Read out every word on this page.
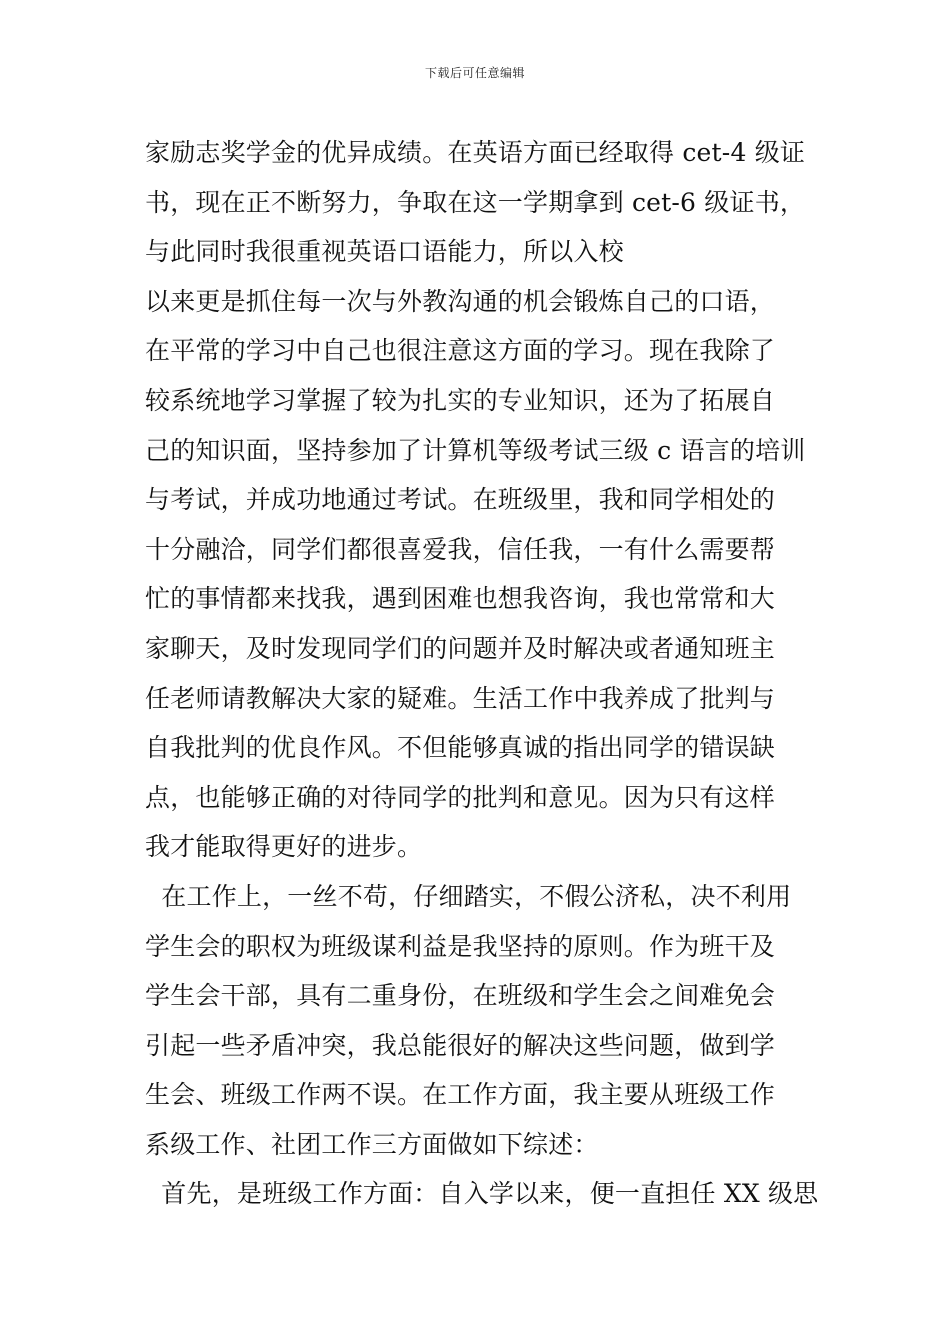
下载后可任意编辑
家励志奖学金的优异成绩。在英语方面已经取得 cet-4 级证
书，现在正不断努力，争取在这一学期拿到 cet-6 级证书，
与此同时我很重视英语口语能力，所以入校
以来更是抓住每一次与外教沟通的机会锻炼自己的口语，
在平常的学习中自己也很注意这方面的学习。现在我除了
较系统地学习掌握了较为扎实的专业知识，还为了拓展自
己的知识面，坚持参加了计算机等级考试三级 c 语言的培训
与考试，并成功地通过考试。在班级里，我和同学相处的
十分融洽，同学们都很喜爱我，信任我，一有什么需要帮
忙的事情都来找我，遇到困难也想我咨询，我也常常和大
家聊天，及时发现同学们的问题并及时解决或者通知班主
任老师请教解决大家的疑难。生活工作中我养成了批判与
自我批判的优良作风。不但能够真诚的指出同学的错误缺
点，也能够正确的对待同学的批判和意见。因为只有这样
我才能取得更好的进步。
在工作上，一丝不苟，仔细踏实，不假公济私，决不利用
学生会的职权为班级谋利益是我坚持的原则。作为班干及
学生会干部，具有二重身份，在班级和学生会之间难免会
引起一些矛盾冲突，我总能很好的解决这些问题，做到学
生会、班级工作两不误。在工作方面，我主要从班级工作
系级工作、社团工作三方面做如下综述：
首先，是班级工作方面：自入学以来，便一直担任 XX 级思
